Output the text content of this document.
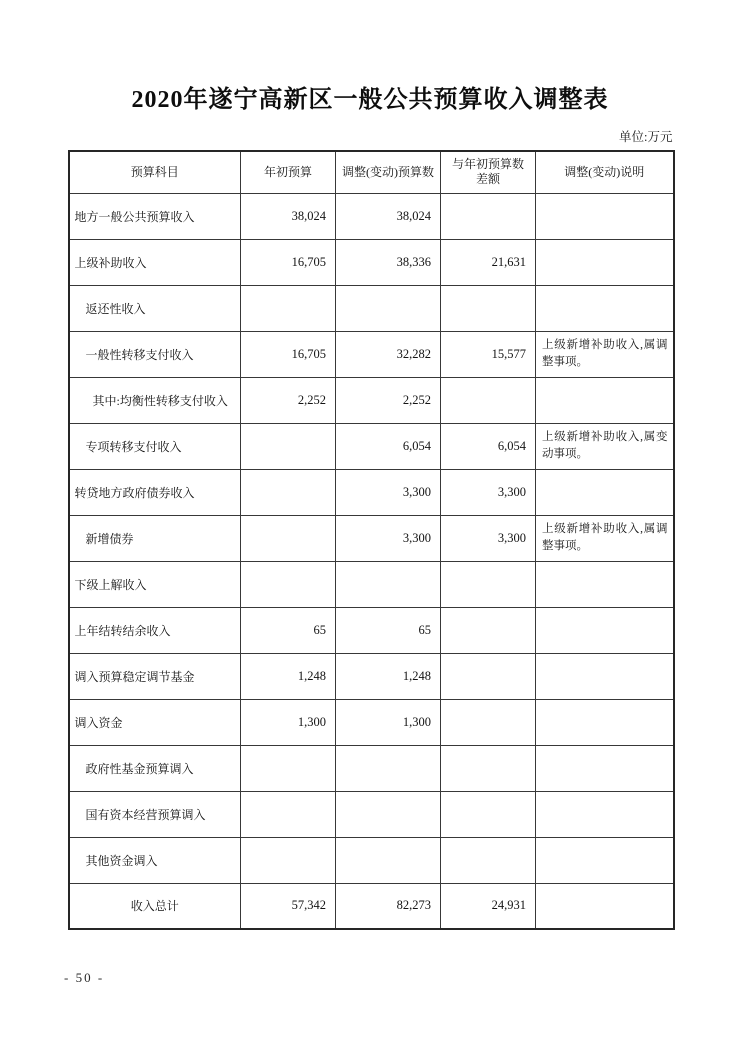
2020年遂宁高新区一般公共预算收入调整表
单位:万元
预算科目	年初预算	调整(变动)预算数	与年初预算数差额	调整(变动)说明
地方一般公共预算收入	38,024	38,024		
上级补助收入	16,705	38,336	21,631	
返还性收入				
一般性转移支付收入	16,705	32,282	15,577	上级新增补助收入,属调整事项。
其中:均衡性转移支付收入	2,252	2,252		
专项转移支付收入		6,054	6,054	上级新增补助收入,属变动事项。
转贷地方政府债券收入		3,300	3,300	
新增债券		3,300	3,300	上级新增补助收入,属调整事项。
下级上解收入				
上年结转结余收入	65	65		
调入预算稳定调节基金	1,248	1,248		
调入资金	1,300	1,300		
政府性基金预算调入				
国有资本经营预算调入				
其他资金调入				
收入总计	57,342	82,273	24,931	
- 50 -
